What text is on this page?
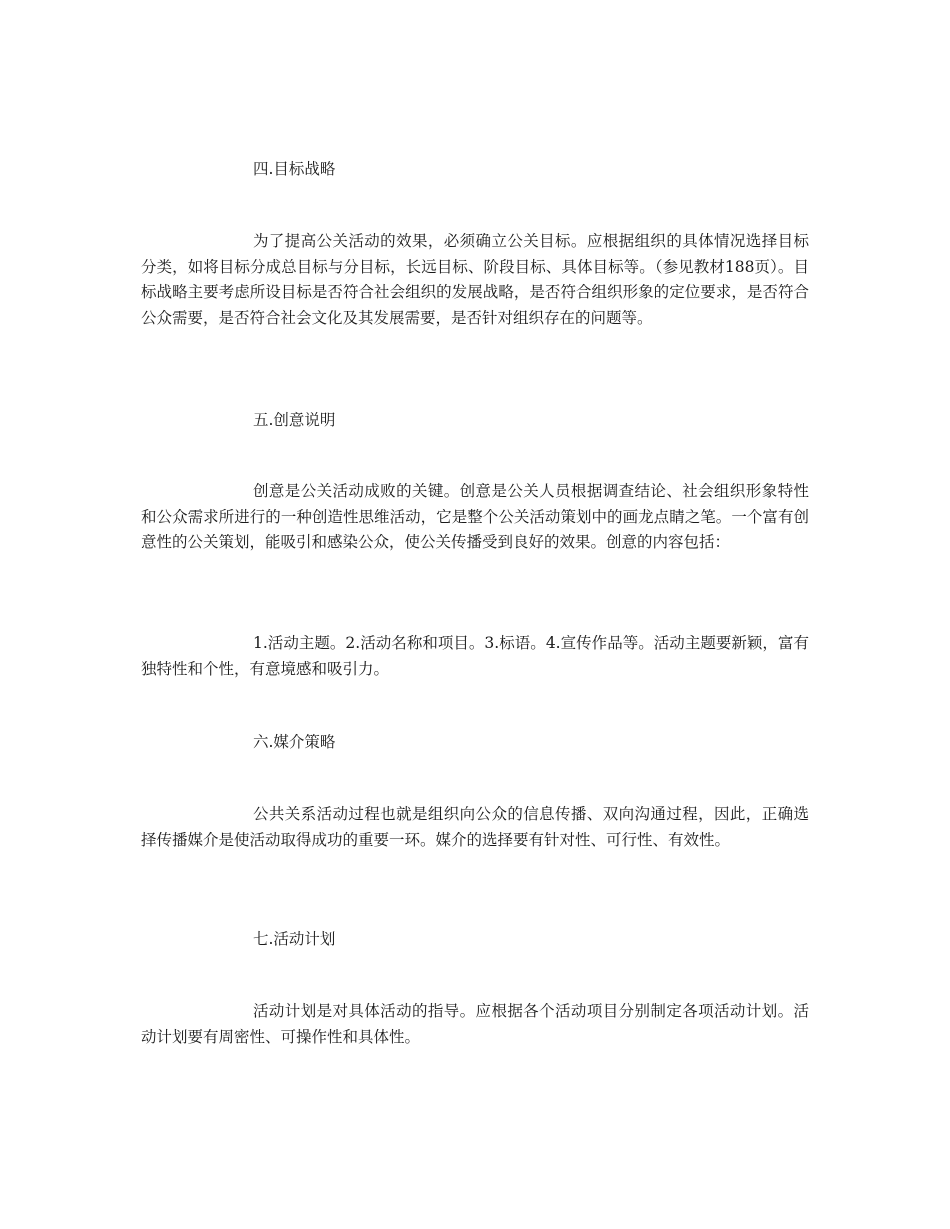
四.目标战略

为了提高公关活动的效果，必须确立公关目标。应根据组织的具体情况选择目标分类，如将目标分成总目标与分目标，长远目标、阶段目标、具体目标等。（参见教材188页）。目标战略主要考虑所设目标是否符合社会组织的发展战略，是否符合组织形象的定位要求，是否符合公众需要，是否符合社会文化及其发展需要，是否针对组织存在的问题等。

五.创意说明

创意是公关活动成败的关键。创意是公关人员根据调查结论、社会组织形象特性和公众需求所进行的一种创造性思维活动，它是整个公关活动策划中的画龙点睛之笔。一个富有创意性的公关策划，能吸引和感染公众，使公关传播受到良好的效果。创意的内容包括：

1.活动主题。2.活动名称和项目。3.标语。4.宣传作品等。活动主题要新颖，富有独特性和个性，有意境感和吸引力。

六.媒介策略

公共关系活动过程也就是组织向公众的信息传播、双向沟通过程，因此，正确选择传播媒介是使活动取得成功的重要一环。媒介的选择要有针对性、可行性、有效性。

七.活动计划

活动计划是对具体活动的指导。应根据各个活动项目分别制定各项活动计划。活动计划要有周密性、可操作性和具体性。
